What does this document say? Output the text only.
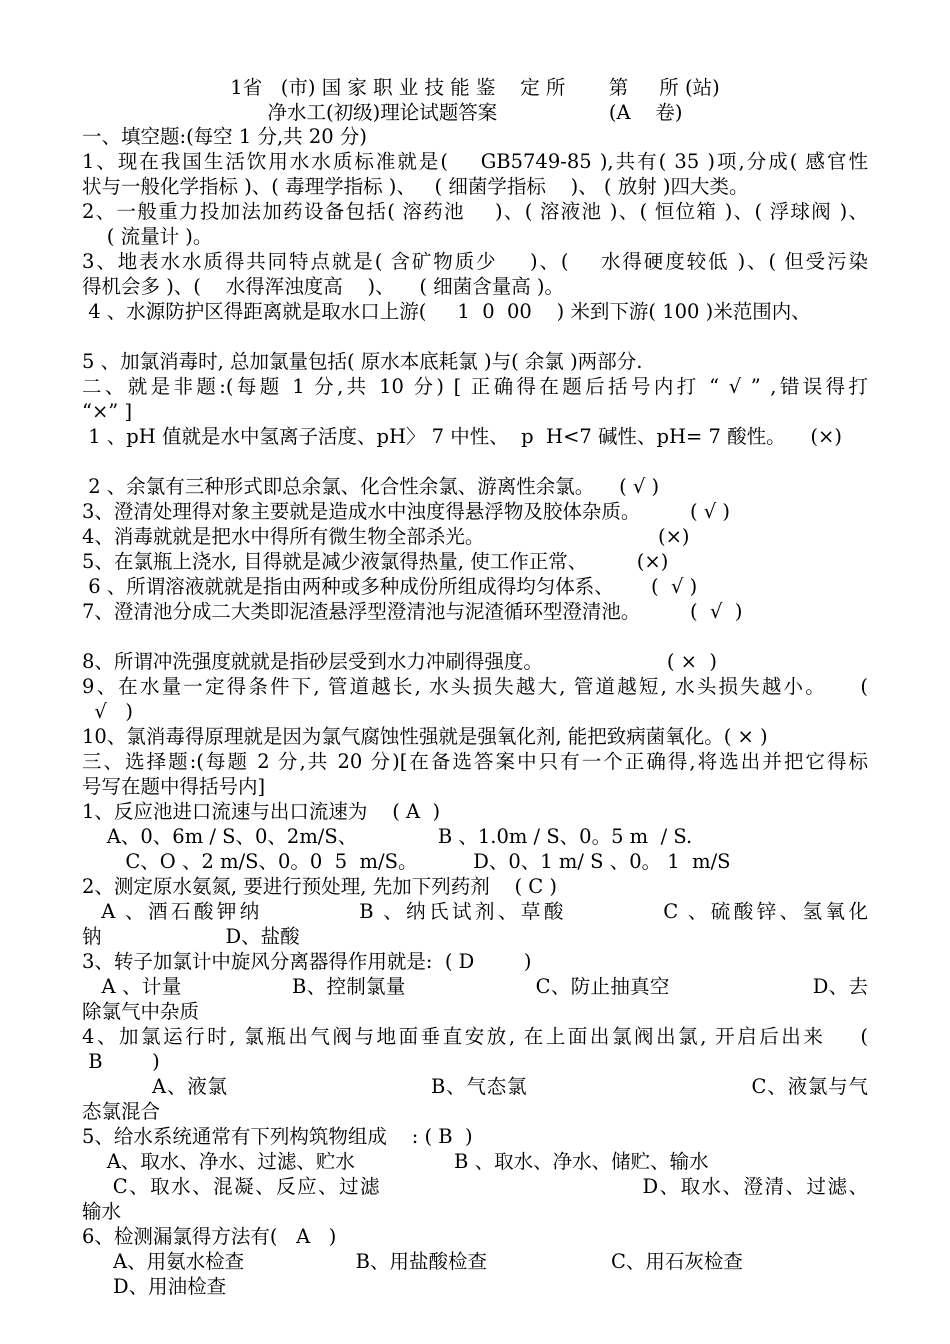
1省   (市) 国 家 职 业 技 能 鉴    定 所       第     所 (站)
净水工(初级)理论试题答案                  (A    卷)
一、填空题:(每空 1 分,共 20 分)
1、现在我国生活饮用水水质标准就是(    GB5749-85 ),共有( 35 )项,分成( 感官性
状与一般化学指标 )、( 毒理学指标 )、   ( 细菌学指标    )、 ( 放射 )四大类。
2、一般重力投加法加药设备包括( 溶药池    )、( 溶液池 )、( 恒位箱 )、( 浮球阀 )、
( 流量计 )。
3、地表水水质得共同特点就是( 含矿物质少    )、(    水得硬度较低 )、( 但受污染
得机会多 )、(    水得浑浊度高    )、    ( 细菌含量高 )。
4 、水源防护区得距离就是取水口上游(     1  0  00    ) 米到下游( 100 )米范围内、
5 、加氯消毒时, 总加氯量包括( 原水本底耗氯 )与( 余氯 )两部分.
二、就是非题:(每题 1 分,共 10 分) [ 正确得在题后括号内打 “ √ ” ,错误得打
“×” ]
1 、pH 值就是水中氢离子活度、pH〉 7 中性、  p  H<7 碱性、pH= 7 酸性。    (×)
2 、余氯有三种形式即总余氯、化合性余氯、游离性余氯。    ( √ )
3、澄清处理得对象主要就是造成水中浊度得悬浮物及胶体杂质。        ( √ )
4、消毒就就是把水中得所有微生物全部杀光。                            (×)
5、在氯瓶上浇水, 目得就是减少液氯得热量, 使工作正常、        (×)
6 、所谓溶液就就是指由两种或多种成份所组成得均匀体系、      (  √ )
7、澄清池分成二大类即泥渣悬浮型澄清池与泥渣循环型澄清池。        (  √  )
8、所谓冲洗强度就就是指砂层受到水力冲刷得强度。                    ( ×  )
9、在水量一定得条件下, 管道越长, 水头损失越大, 管道越短, 水头损失越小。    (
√   )
10、氯消毒得原理就是因为氯气腐蚀性强就是强氧化剂, 能把致病菌氧化。( × )
三、选择题:(每题 2 分,共 20 分)[在备选答案中只有一个正确得,将选出并把它得标
号写在题中得括号内]
1、反应池进口流速与出口流速为    ( A  )
A、0、6m / S、0、2m/S、             B 、1.0m / S、0。5 m  / S.
C、O 、2 m/S、0。0  5  m/S。         D、0、1 m/ S 、0。 1  m/S
2、测定原水氨氮, 要进行预处理, 先加下列药剂    ( C )
A 、酒石酸钾纳          B 、纳氏试剂、草酸          C 、硫酸锌、氢氧化
钠                    D、盐酸
3、转子加氯计中旋风分离器得作用就是:  ( D        )
A 、计量                 B、控制氯量                    C、防止抽真空                      D、去
除氯气中杂质
4、加氯运行时, 氯瓶出气阀与地面垂直安放, 在上面出氯阀出氯, 开启后出来    (
B        )
A、液氯                             B、气态氯                                C、液氯与气
态氯混合
5、给水系统通常有下列构筑物组成    : ( B  )
A、取水、净水、过滤、贮水                B 、取水、净水、储贮、输水
C、取水、混凝、反应、过滤                                  D、取水、澄清、过滤、
输水
6、检测漏氯得方法有(   A   )
A、用氨水检查                  B、用盐酸检查                    C、用石灰检查
D、用油检查
